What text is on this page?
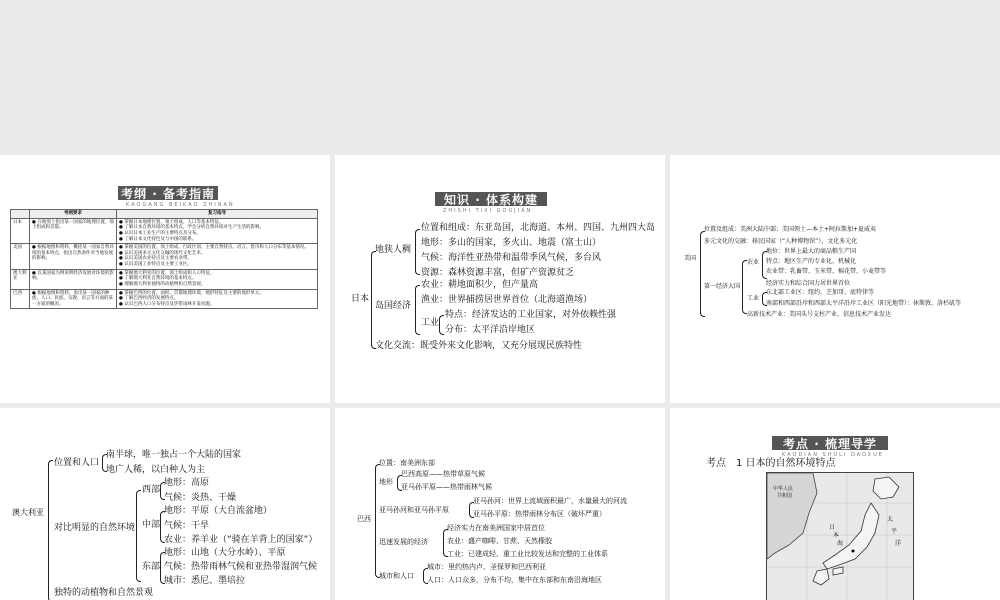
考纲 · 备考指南
KAOGANG BEIKAO ZHINAN
	考纲要求	复习指导
日本	● 在地图上指出某一国家的地理位置、领土组成和首都。	● 掌握日本地理位置、领土组成、人口等基本特征。
● 了解日本自然环境的基本特点，学会分析自然环境对生产生活的影响。
● 认识日本工业生产的主要特点及分布。
● 了解日本文化特色及与中国的联系。
美国	● 根据地图和资料，概括某一国家自然环境的基本特点，指出自然条件对当地发展的影响。	● 掌握美国的位置、领土组成、行政区划、主要自然特点、语言、货币和人口分布等基本情况。
● 认识美国多元文化交融的现代文化艺术。
● 认识美国农业特点及主要农业带。
● 认识美国工业特点及主要工业区。
澳大利亚	● 以某国家为例说明经济发展对环境的影响。	● 掌握澳大利亚的位置、领土组成和人口特征。
● 了解澳大利亚自然环境的基本特点。
● 理解澳大利亚独特的动植物和自然景观。
巴西	● 根据地图和资料，说出某一国家的种族、人口、民族、宗教、语言等方面的某一方面的概况。	● 掌握巴西的位置、面积、首都地理环境，地形特征及主要的地形单元。
● 了解巴西经济的发展特点。
● 认识巴西人口分布特点及热带雨林开发问题。
知识 · 体系构建
ZHISHI TIXI GOUJIAN
日本
地狭人稠
位置和组成：东亚岛国，北海道、本州、四国、九州四大岛
地形：多山的国家，多火山、地震（富士山）
气候：海洋性亚热带和温带季风气候，多台风
资源：森林资源丰富，但矿产资源贫乏
岛国经济
农业：耕地面积少，但产量高
渔业：世界捕捞居世界首位（北海道渔场）
工业
特点：经济发达的工业国家，对外依赖性强
分布：太平洋沿岸地区
文化交流：既受外来文化影响，又充分展现民族特性
美国
位置及组成：美洲大陆中部；美国领土—本土+阿拉斯加+夏威夷
多元文化的交融：移民国家（“人种博物馆”），文化多元化
第一经济大国
农业
地位：世界上最大的商品粮生产国
特点：地区生产的专业化、机械化
农业带：乳畜带、玉米带、棉花带、小麦带等
经济实力和综合国力居世界首位
工业
东北部工业区：纽约、芝加哥、底特律等
南部和西部沿岸和西部太平洋沿岸工业区（阳光地带）：休斯敦、洛杉矶等
高新技术产业：美国头号支柱产业，信息技术产业发达
澳大利亚
位置和人口
南半球，唯一独占一个大陆的国家
地广人稀，以白种人为主
对比明显的自然环境
西部
地形：高原
气候：炎热、干燥
中部
地形：平原（大自流盆地）
气候：干旱
农业：养羊业（“骑在羊背上的国家”）
东部
地形：山地（大分水岭）、平原
气候：热带雨林气候和亚热带湿润气候
城市：悉尼、墨培拉
独特的动植物和自然景观
巴西
位置：南美洲东部
地形
巴西高原——热带草原气候
亚马孙平原——热带雨林气候
亚马孙河和亚马孙平原
亚马孙河：世界上流域面积最广，水量最大的河流
亚马孙平原：热带雨林分布区（破坏严重）
迅速发展的经济
经济实力在南美洲国家中居首位
农业：盛产咖啡、甘蔗、天然橡胶
工业：已建成轻、重工业比较发达和完整的工业体系
城市和人口
城市：里约热内卢、圣保罗和巴西利亚
人口：人口众多，分布不均，集中在东部和东南沿海地区
考点 · 梳理导学
KAODIAN SHULI DAOXUE
考点　1 日本的自然环境特点
中华人民
共和国
日
本
海
太
平
洋
